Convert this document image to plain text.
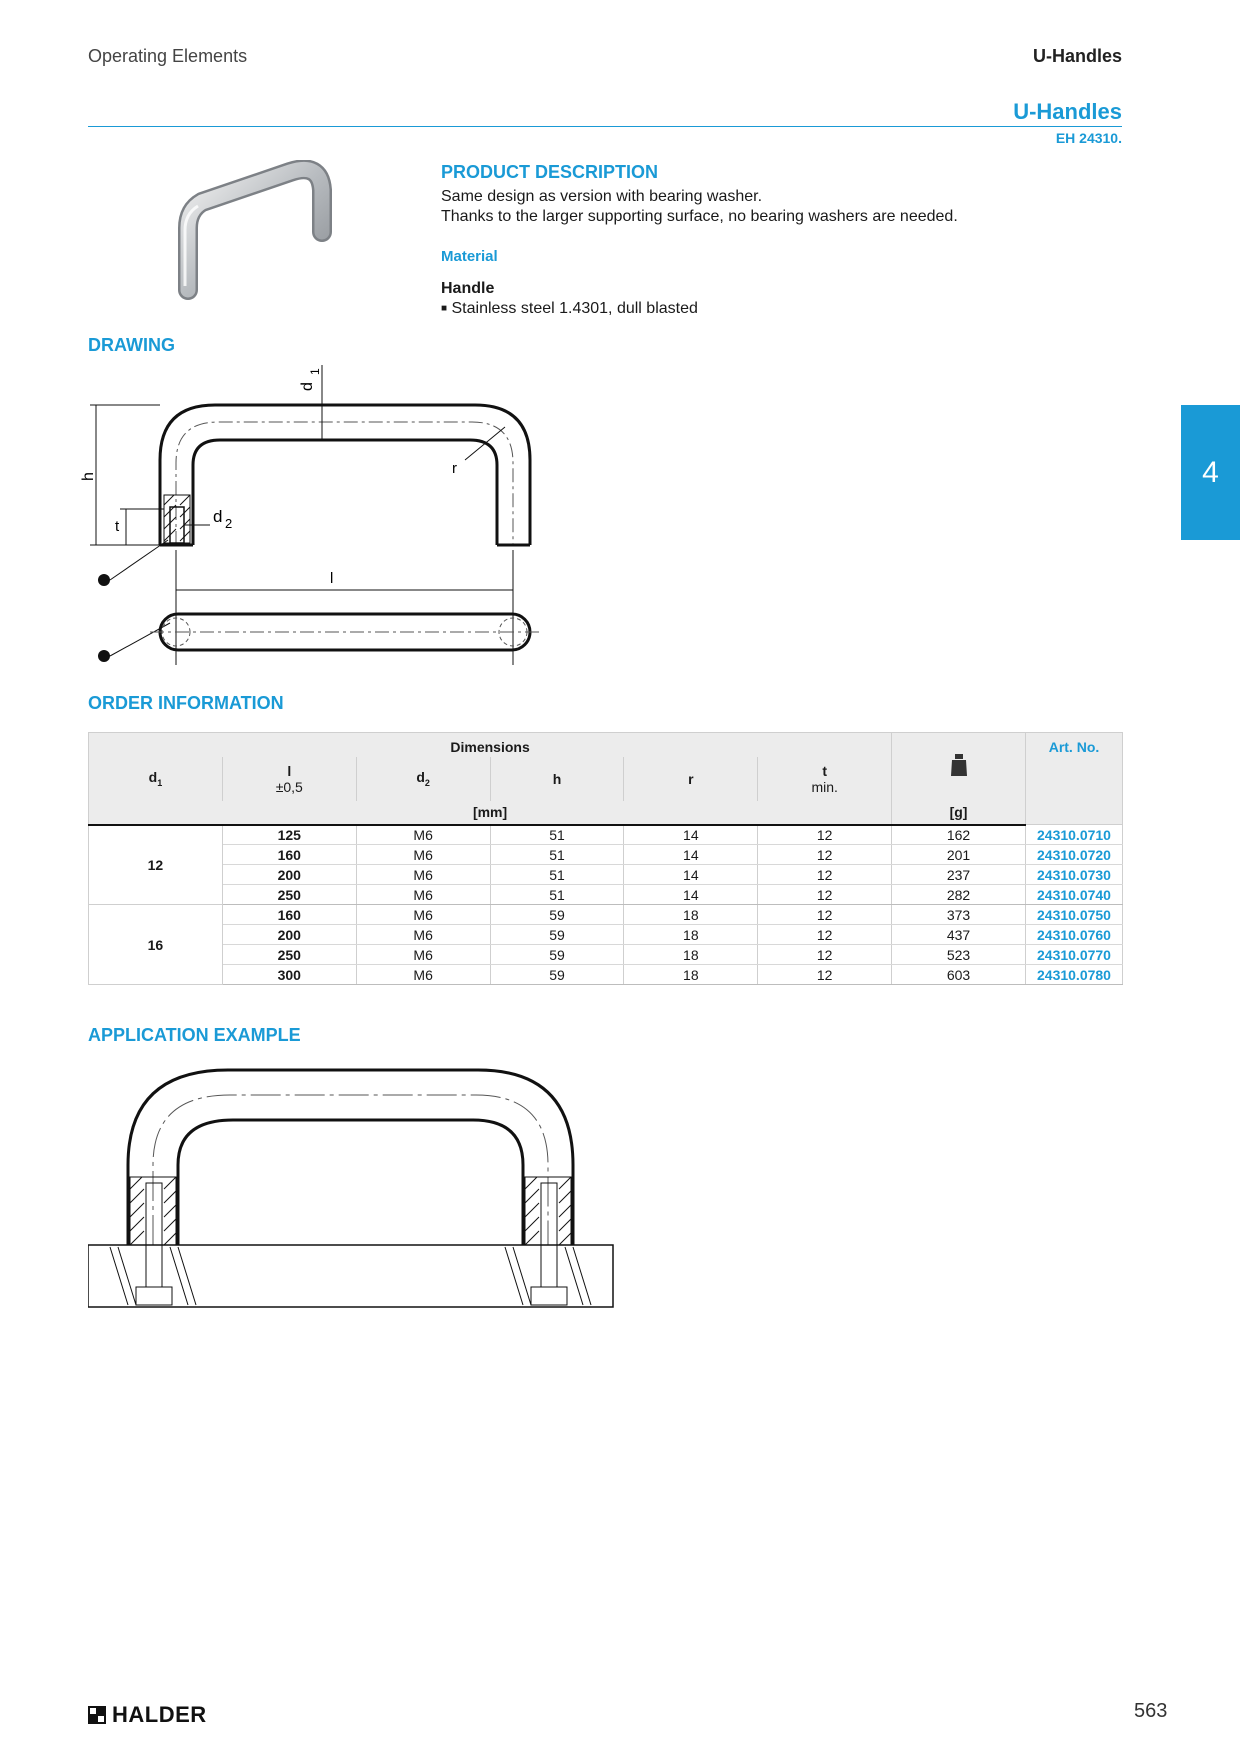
Operating Elements	U-Handles
U-Handles
EH 24310.
4
PRODUCT DESCRIPTION
Same design as version with bearing washer.
Thanks to the larger supporting surface, no bearing washers are needed.
Material
Handle
■ Stainless steel 1.4301, dull blasted
DRAWING
h
t
d 2
d
1
r
l
ORDER INFORMATION
Dimensions							Art. No.
$d_1$	l
±0,5	$d_2$	h	r	t
min.		
[mm]						[g]	
12	125	M6	51	14	12	162	24310.0710
	160	M6	51	14	12	201	24310.0720
	200	M6	51	14	12	237	24310.0730
	250	M6	51	14	12	282	24310.0740
16	160	M6	59	18	12	373	24310.0750
	200	M6	59	18	12	437	24310.0760
	250	M6	59	18	12	523	24310.0770
	300	M6	59	18	12	603	24310.0780
APPLICATION EXAMPLE
HALDER	563
